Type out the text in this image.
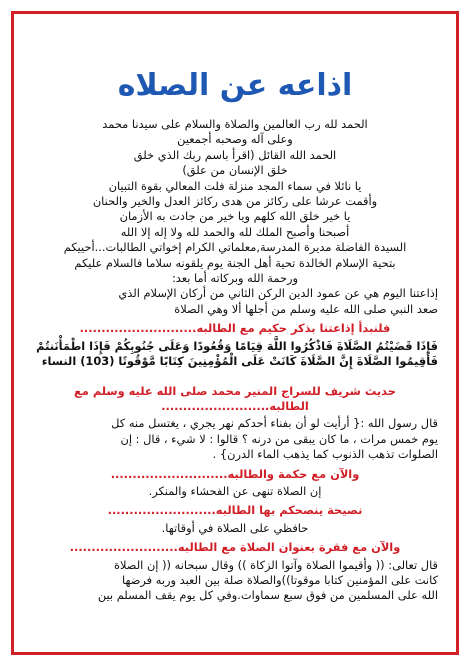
اذاعه عن الصلاه

الحمد لله رب العالمين والصلاة والسلام على سيدنا محمد

وعلى آله وصحبه أجمعين

الحمد الله القائل (اقرأ باسم ربك الذي خلق

خلق الإنسان من علق)

يا نائلا في سماء المجد منزلة فلت المعالي بقوة التبيان

وأقمت عرشا على ركائز من هدى ركائز العدل والخير والحنان

يا خير خلق الله كلهم ويا خير من جادت به الأزمان

أصبحنا وأصبح الملك لله والحمد لله ولا إله إلا الله

السيدة الفاضلة مديرة المدرسة,معلماتي الكرام إخواتي الطالبات...أحييكم

بتحية الإسلام الخالدة تحية أهل الجنة يوم يلقونه سلاما فالسلام عليكم

ورحمة الله وبركاته أما بعد:

إذاعتنا اليوم هي عن عمود الدين الركن الثاني من أركان الإسلام الذي

صعد النبي صلى الله عليه وسلم من أجلها ألا وهي الصلاة

فلنبدأ إذاعتنا بذكر حكيم مع الطالبه...........................

فَإِذَا قَضَيْتُمُ الصَّلَاةَ فَاذْكُرُوا اللَّهَ قِيَامًا وَقُعُودًا وَعَلَى جُنُوبِكُمْ فَإِذَا اطْمَأْنَنتُمْ

فَأَقِيمُوا الصَّلَاةَ إِنَّ الصَّلَاةَ كَانَتْ عَلَى الْمُؤْمِنِينَ كِتَابًا مَّوْقُوتًا (103) النساء

حديث شريف للسراج المنير محمد صلى الله عليه وسلم مع
الطالبه.........................

قال رسول الله :{ أرأيت لو أن بفناء أحدكم نهر يجري ، يغتسل منه كل

يوم خمس مرات ، ما كان يبقى من درنه ؟ قالوا : لا شيء ، قال : إن

الصلوات تذهب الذنوب كما يذهب الماء الدرن} .

والآن مع حكمة والطالبه...........................

إن الصلاة تنهى عن الفحشاء والمنكر.

نصيحة ينصحكم بها الطالبه.........................

حافظي على الصلاة في أوقاتها.

والآن مع فقرة بعنوان الصلاة مع الطالبه.........................

قال تعالى: (( وأقيموا الصلاة وآتوا الزكاة )) وقال سبحانه (( إن الصلاة

كانت على المؤمنين كتابا موقوتا))والصلاة صلة بين العبد وربه فرضها

الله على المسلمين من فوق سبع سماوات.وفي كل يوم يقف المسلم بين
